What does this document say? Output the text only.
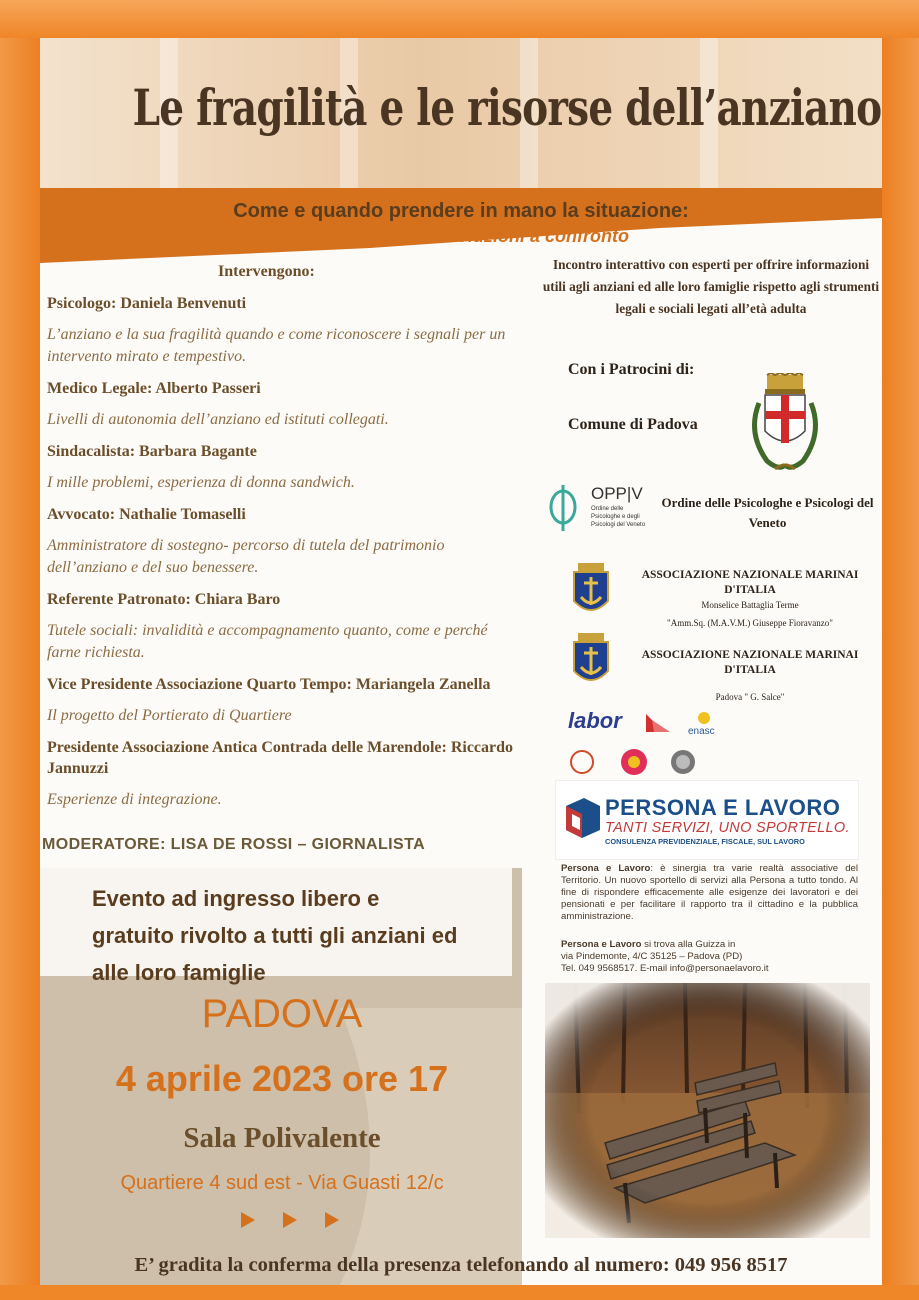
Le fragilità e le risorse dell’anziano
Come e quando prendere in mano la situazione:
problemi, tutele e soluzioni a confronto
Intervengono:
Psicologo: Daniela Benvenuti
L’anziano e la sua fragilità quando e come riconoscere i segnali per un intervento mirato e tempestivo.
Medico Legale: Alberto Passeri
Livelli di autonomia dell’anziano ed istituti collegati.
Sindacalista: Barbara Bagante
I mille problemi, esperienza di donna sandwich.
Avvocato: Nathalie Tomaselli
Amministratore di sostegno- percorso di tutela del patrimonio dell’anziano e del suo benessere.
Referente Patronato: Chiara Baro
Tutele sociali: invalidità e accompagnamento quanto, come e perché farne richiesta.
Vice Presidente Associazione Quarto Tempo: Mariangela Zanella
Il progetto del Portierato di Quartiere
Presidente Associazione Antica Contrada delle Marendole: Riccardo Jannuzzi
Esperienze di integrazione.
MODERATORE: LISA DE ROSSI – GIORNALISTA
Incontro interattivo con esperti per offrire informazioni utili agli anziani ed alle loro famiglie rispetto agli strumenti legali e sociali legati all’età adulta
Con i Patrocini di:
Comune di Padova
OPP|V
Ordine delle
Psicologhe e degli
Psicologi del Veneto
Ordine delle Psicologhe e Psicologi del Veneto
ASSOCIAZIONE NAZIONALE MARINAI D'ITALIA
Monselice Battaglia Terme
"Amm.Sq. (M.A.V.M.) Giuseppe Fioravanzo"
ASSOCIAZIONE NAZIONALE MARINAI D'ITALIA
Padova " G. Salce"
labor	enasc
PERSONA E LAVORO
TANTI SERVIZI, UNO SPORTELLO.
CONSULENZA PREVIDENZIALE, FISCALE, SUL LAVORO
Persona e Lavoro: è sinergia tra varie realtà associative del Territorio. Un nuovo sportello di servizi alla Persona a tutto tondo. Al fine di rispondere efficacemente alle esigenze dei lavoratori e dei pensionati e per facilitare il rapporto tra il cittadino e la pubblica amministrazione.
Persona e Lavoro si trova alla Guizza in
via Pindemonte, 4/C 35125 – Padova (PD)
Tel. 049 9568517. E-mail info@personaelavoro.it
Evento ad ingresso libero e gratuito rivolto a tutti gli anziani ed alle loro famiglie
PADOVA
4 aprile 2023 ore 17
Sala Polivalente
Quartiere 4 sud est - Via Guasti 12/c
E’ gradita la conferma della presenza telefonando al numero: 049 956 8517
